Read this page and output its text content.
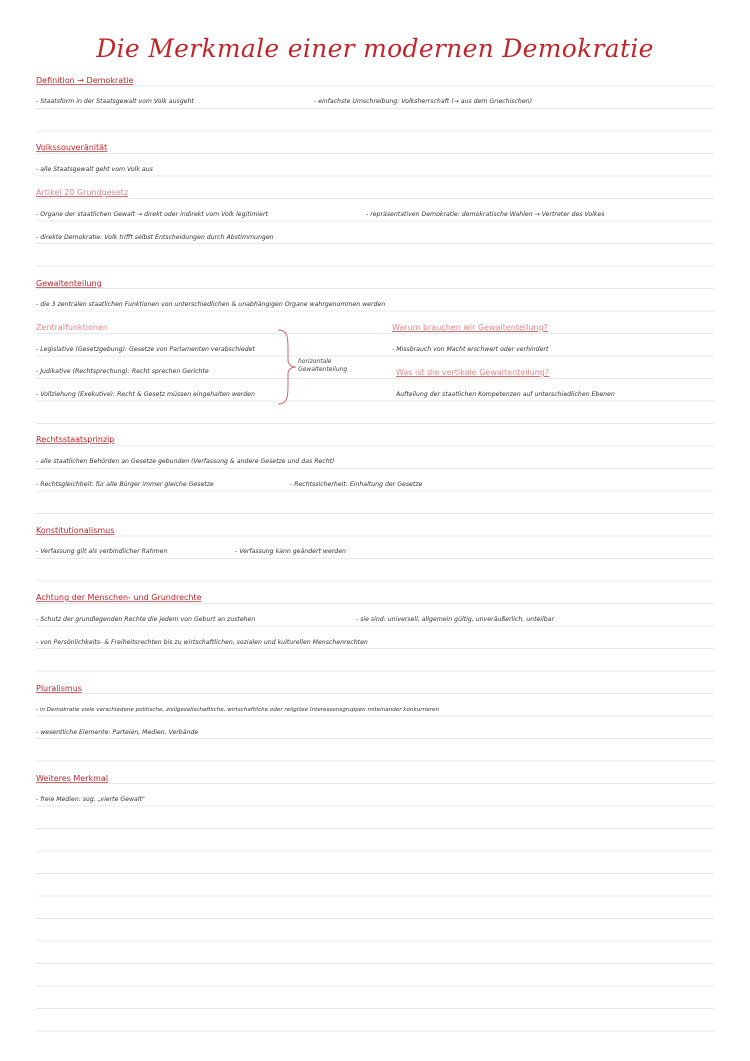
Die Merkmale einer modernen Demokratie
Definition → Demokratie
- Staatsform in der Staatsgewalt vom Volk ausgeht	- einfachste Umschreibung: Volksherrschaft (→ aus dem Griechischen)
Volkssouveränität
- alle Staatsgewalt geht vom Volk aus
Artikel 20 Grundgesetz
- Organe der staatlichen Gewalt → direkt oder indirekt vom Volk legitimiert	- repräsentativen Demokratie: demokratische Wahlen → Vertreter des Volkes
- direkte Demokratie: Volk trifft selbst Entscheidungen durch Abstimmungen
Gewaltenteilung
- die 3 zentralen staatlichen Funktionen von unterschiedlichen & unabhängigen Organe wahrgenommen werden
Zentralfunktionen	Warum brauchen wir Gewaltenteilung?
- Legislative (Gesetzgebung): Gesetze von Parlamenten verabschiedet
- Judikative (Rechtsprechung): Recht sprechen Gerichte
- Vollziehung (Exekutive): Recht & Gesetz müssen eingehalten werden
horizontale
Gewaltenteilung
- Missbrauch von Macht erschwert oder verhindert
Was ist die vertikale Gewaltenteilung?
Aufteilung der staatlichen Kompetenzen auf unterschiedlichen Ebenen
Rechtsstaatsprinzip
- alle staatlichen Behörden an Gesetze gebunden (Verfassung & andere Gesetze und das Recht)
- Rechtsgleichheit: für alle Bürger immer gleiche Gesetze	- Rechtssicherheit: Einhaltung der Gesetze
Konstitutionalismus
- Verfassung gilt als verbindlicher Rahmen	- Verfassung kann geändert werden
Achtung der Menschen- und Grundrechte
- Schutz der grundlegenden Rechte die jedem von Geburt an zustehen	- sie sind: universell, allgemein gültig, unveräußerlich, unteilbar
- von Persönlichkeits- & Freiheitsrechten bis zu wirtschaftlichen, sozialen und kulturellen Menschenrechten
Pluralismus
- in Demokratie viele verschiedene politische, zivilgesellschaftliche, wirtschaftliche oder religiöse Interessensgruppen miteinander konkurrieren
- wesentliche Elemente: Parteien, Medien, Verbände
Weiteres Merkmal
- freie Medien: sog. „vierte Gewalt"
